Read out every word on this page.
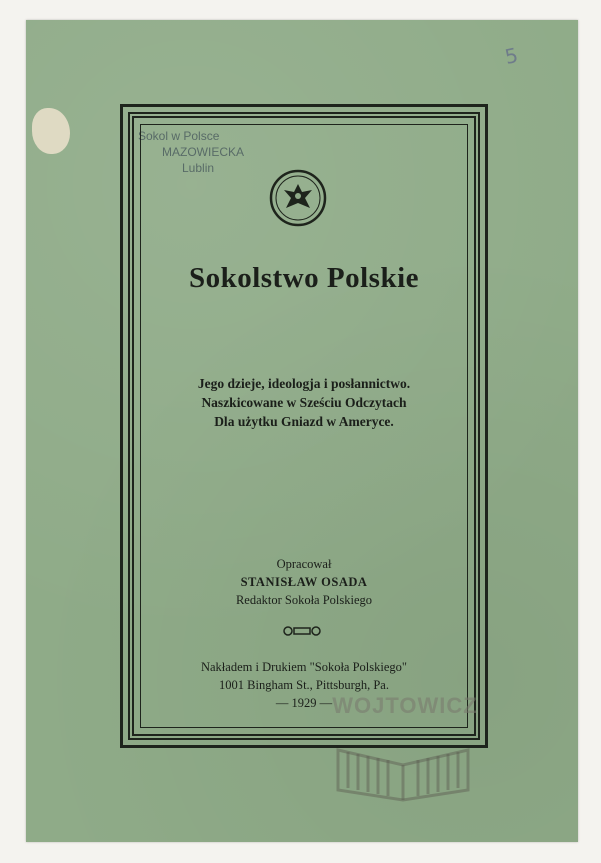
5
Sokol w Polsce
MAZOWIECKA
Lublin
Sokolstwo Polskie
Jego dzieje, ideologja i posłannictwo.
Naszkicowane w Sześciu Odczytach
Dla użytku Gniazd w Ameryce.
Opracował
STANISŁAW OSADA
Redaktor Sokoła Polskiego
Nakładem i Drukiem "Sokoła Polskiego"
1001 Bingham St., Pittsburgh, Pa.
— 1929 — WOJTOWICZ
